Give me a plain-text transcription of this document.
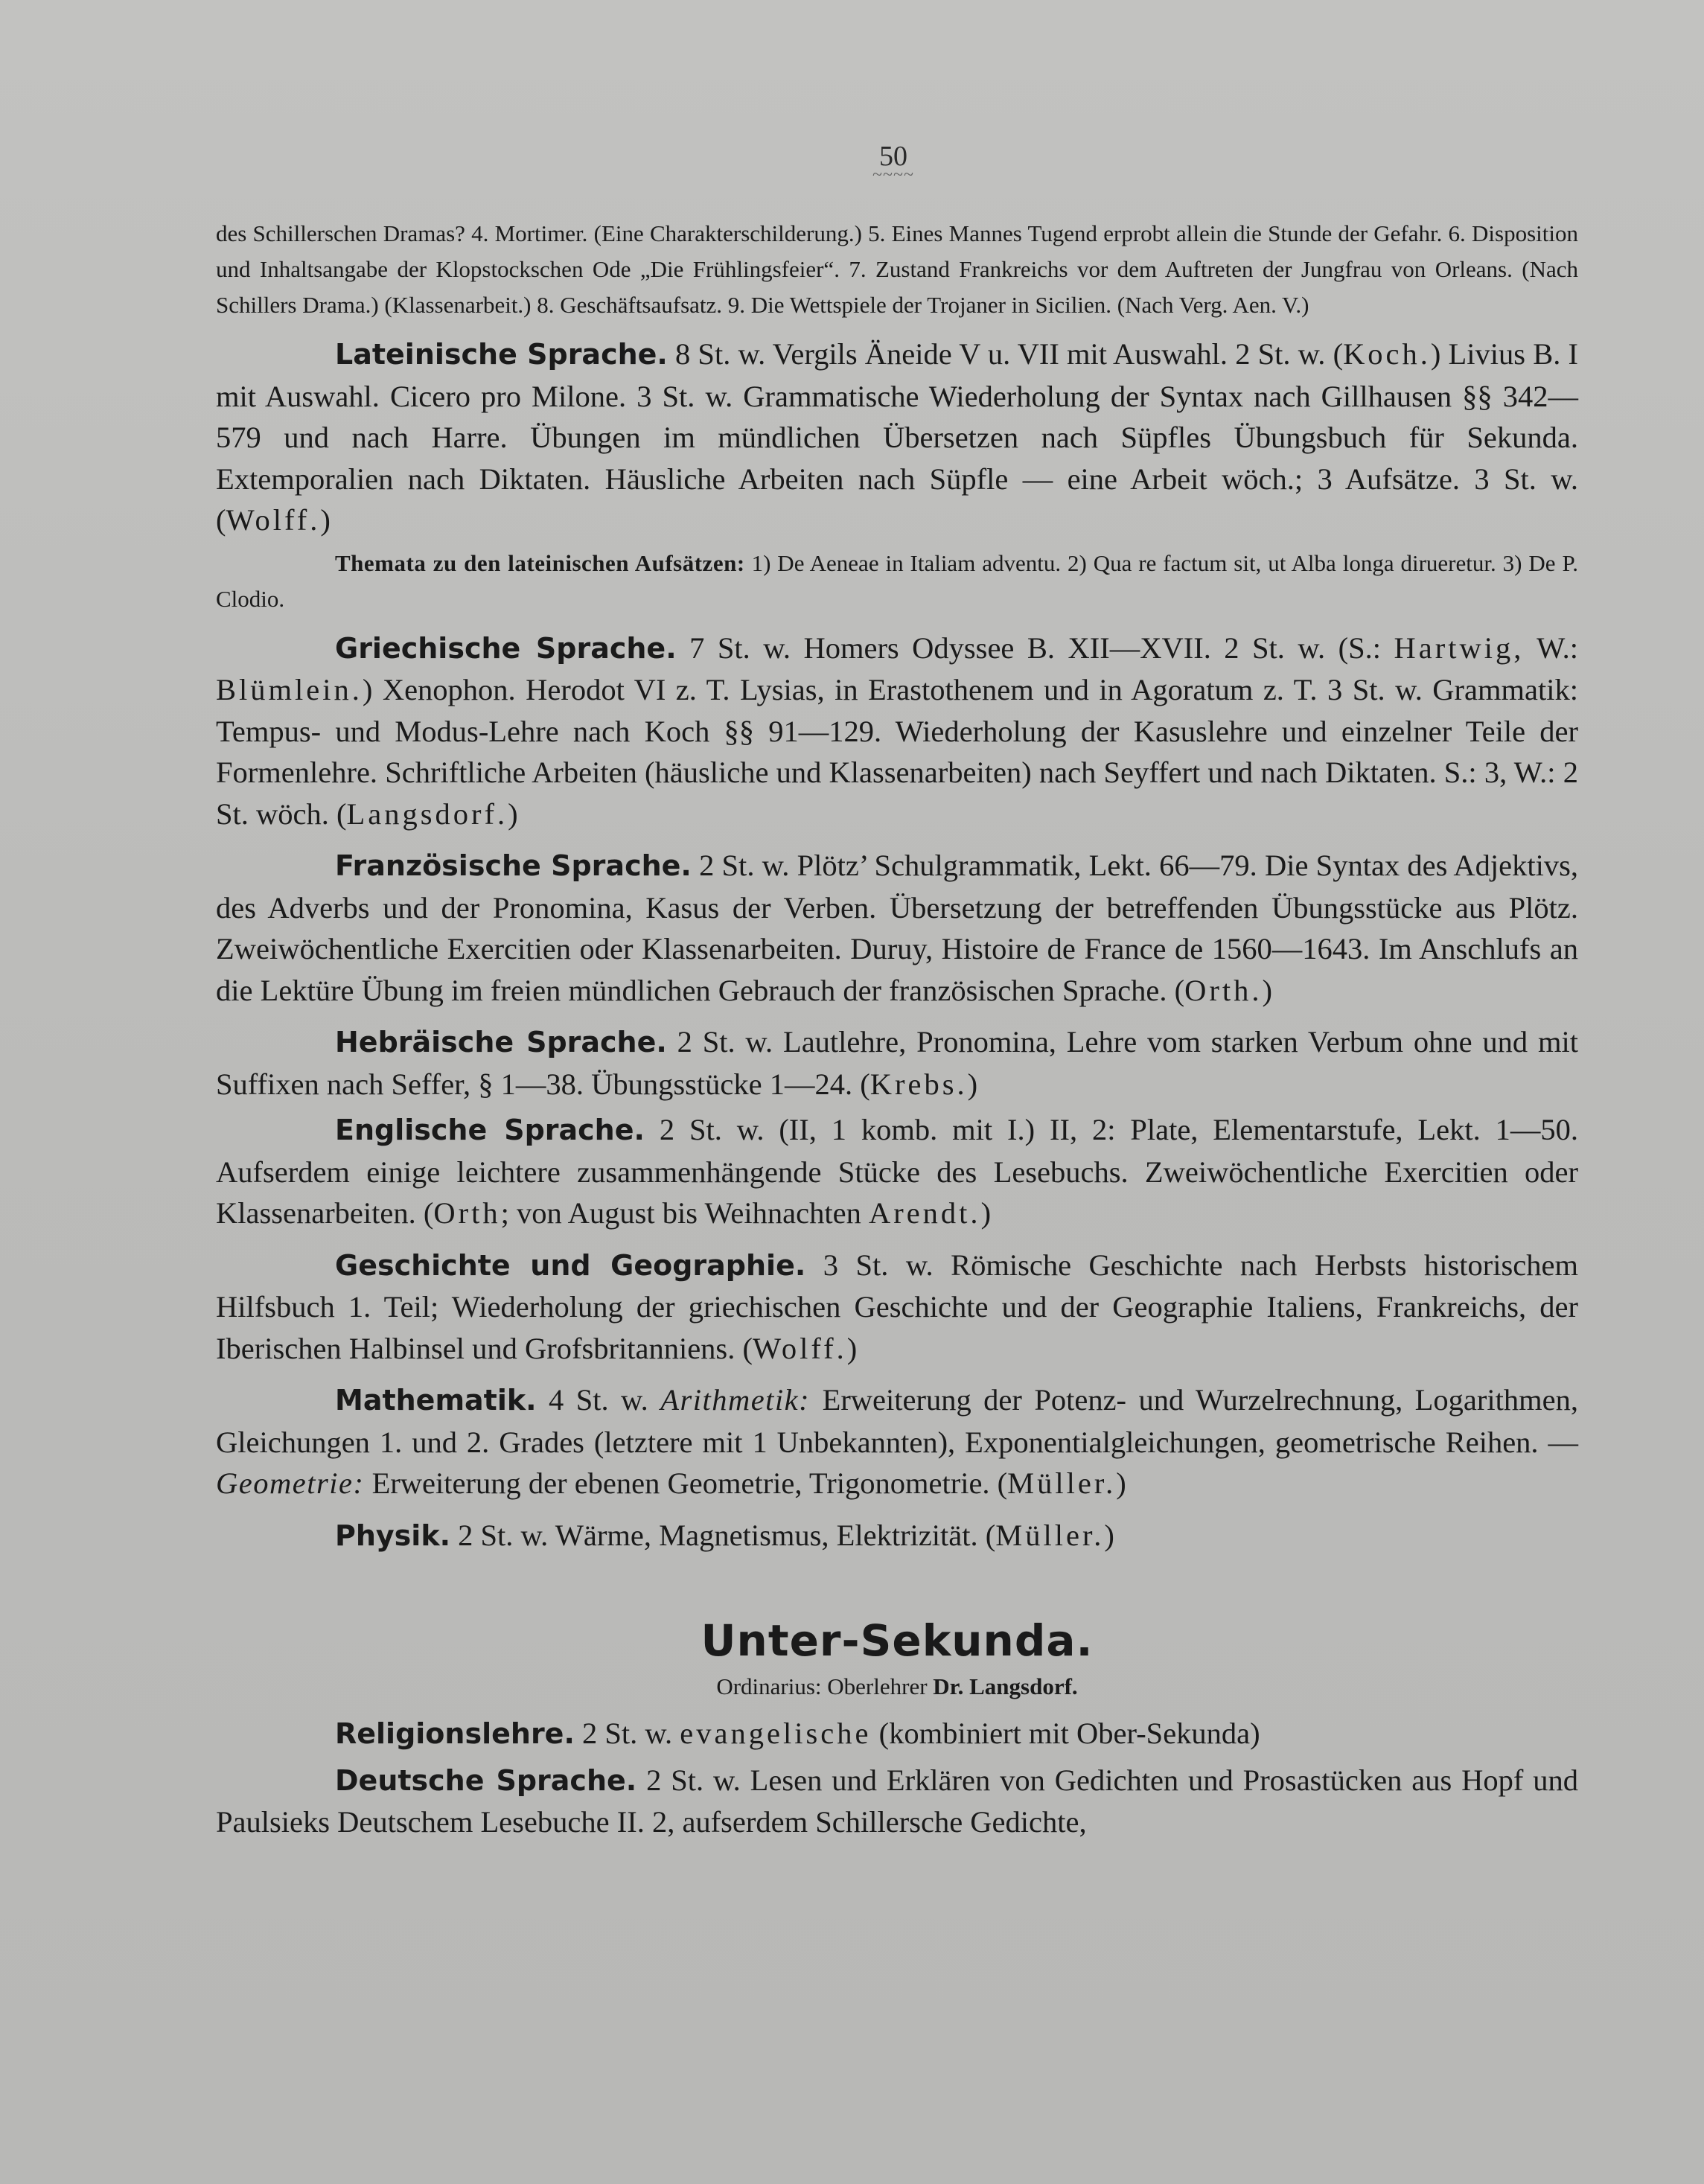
50
~~~~

des Schillerschen Dramas? 4. Mortimer. (Eine Charakterschilderung.) 5. Eines Mannes Tugend erprobt allein die Stunde der Gefahr. 6. Disposition und Inhaltsangabe der Klopstockschen Ode „Die Frühlingsfeier“. 7. Zustand Frankreichs vor dem Auftreten der Jungfrau von Orleans. (Nach Schillers Drama.) (Klassenarbeit.) 8. Geschäftsaufsatz. 9. Die Wettspiele der Trojaner in Sicilien. (Nach Verg. Aen. V.)

Lateinische Sprache. 8 St. w. Vergils Äneide V u. VII mit Auswahl. 2 St. w. (Koch.) Livius B. I mit Auswahl. Cicero pro Milone. 3 St. w. Grammatische Wiederholung der Syntax nach Gillhausen §§ 342—579 und nach Harre. Übungen im mündlichen Übersetzen nach Süpfles Übungsbuch für Sekunda. Extemporalien nach Diktaten. Häusliche Arbeiten nach Süpfle — eine Arbeit wöch.; 3 Aufsätze. 3 St. w. (Wolff.)

Themata zu den lateinischen Aufsätzen: 1) De Aeneae in Italiam adventu. 2) Qua re factum sit, ut Alba longa dirueretur. 3) De P. Clodio.

Griechische Sprache. 7 St. w. Homers Odyssee B. XII—XVII. 2 St. w. (S.: Hartwig, W.: Blümlein.) Xenophon. Herodot VI z. T. Lysias, in Erastothenem und in Agoratum z. T. 3 St. w. Grammatik: Tempus- und Modus-Lehre nach Koch §§ 91—129. Wiederholung der Kasuslehre und einzelner Teile der Formenlehre. Schriftliche Arbeiten (häusliche und Klassenarbeiten) nach Seyffert und nach Diktaten. S.: 3, W.: 2 St. wöch. (Langsdorf.)

Französische Sprache. 2 St. w. Plötz’ Schulgrammatik, Lekt. 66—79. Die Syntax des Adjektivs, des Adverbs und der Pronomina, Kasus der Verben. Übersetzung der betreffenden Übungsstücke aus Plötz. Zweiwöchentliche Exercitien oder Klassenarbeiten. Duruy, Histoire de France de 1560—1643. Im Anschlufs an die Lektüre Übung im freien mündlichen Gebrauch der französischen Sprache. (Orth.)

Hebräische Sprache. 2 St. w. Lautlehre, Pronomina, Lehre vom starken Verbum ohne und mit Suffixen nach Seffer, § 1—38. Übungsstücke 1—24. (Krebs.)

Englische Sprache. 2 St. w. (II, 1 komb. mit I.) II, 2: Plate, Elementarstufe, Lekt. 1—50. Aufserdem einige leichtere zusammenhängende Stücke des Lesebuchs. Zweiwöchentliche Exercitien oder Klassenarbeiten. (Orth; von August bis Weihnachten Arendt.)

Geschichte und Geographie. 3 St. w. Römische Geschichte nach Herbsts historischem Hilfsbuch 1. Teil; Wiederholung der griechischen Geschichte und der Geographie Italiens, Frankreichs, der Iberischen Halbinsel und Grofsbritanniens. (Wolff.)

Mathematik. 4 St. w. Arithmetik: Erweiterung der Potenz- und Wurzelrechnung, Logarithmen, Gleichungen 1. und 2. Grades (letztere mit 1 Unbekannten), Exponentialgleichungen, geometrische Reihen. — Geometrie: Erweiterung der ebenen Geometrie, Trigonometrie. (Müller.)

Physik. 2 St. w. Wärme, Magnetismus, Elektrizität. (Müller.)

Unter-Sekunda.
Ordinarius: Oberlehrer Dr. Langsdorf.

Religionslehre. 2 St. w. evangelische (kombiniert mit Ober-Sekunda)

Deutsche Sprache. 2 St. w. Lesen und Erklären von Gedichten und Prosastücken aus Hopf und Paulsieks Deutschem Lesebuche II. 2, aufserdem Schillersche Gedichte,
